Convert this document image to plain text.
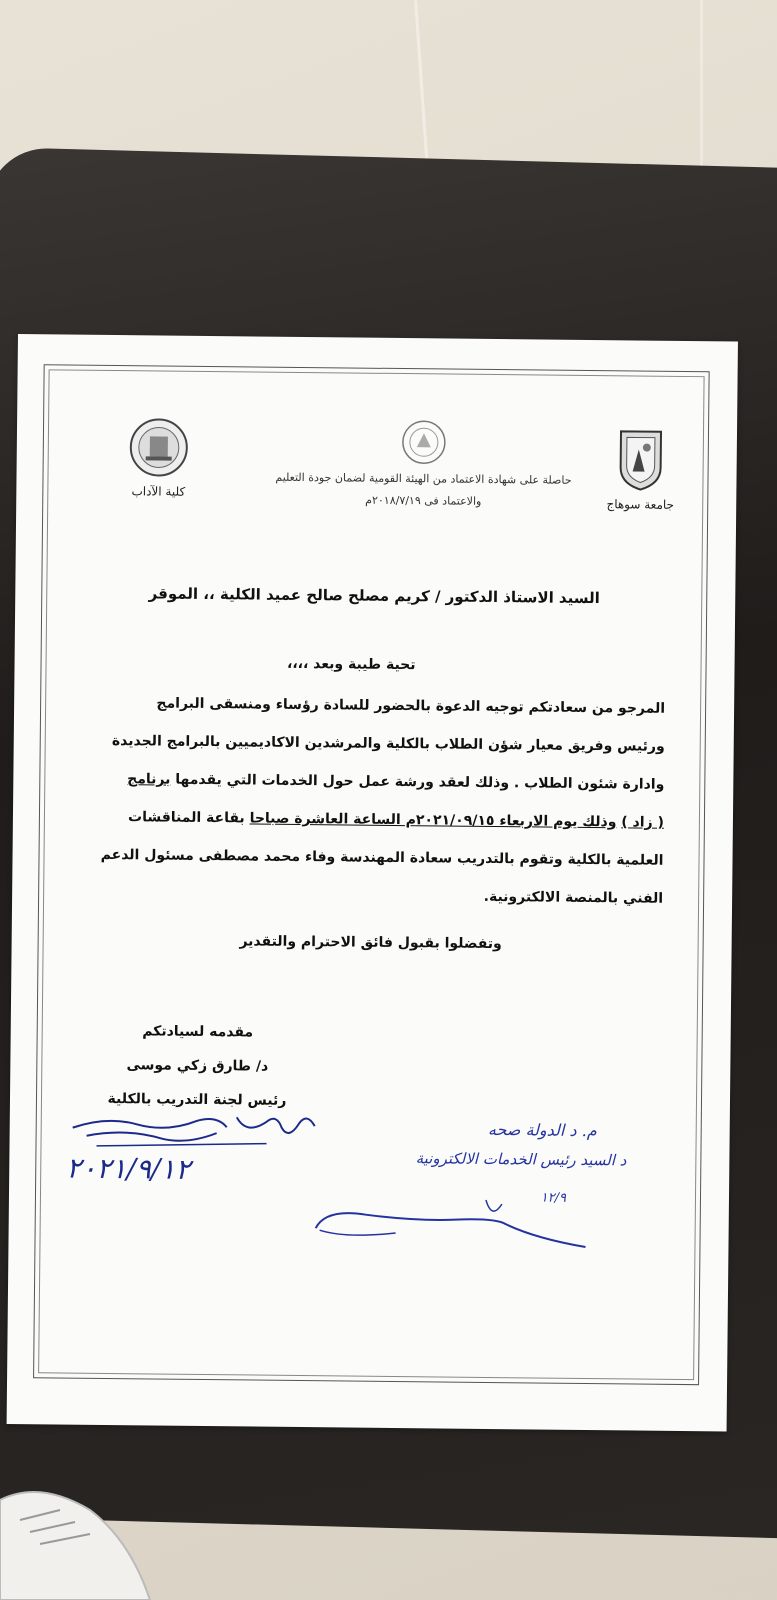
جامعة سوهاج
حاصلة على شهادة الاعتماد من الهيئة القومية لضمان جودة التعليم
والاعتماد فى ٢٠١٨/٧/١٩م
كلية الآداب
السيد الاستاذ الدكتور / كريم مصلح صالح عميد الكلية ،، الموقر
تحية طيبة وبعد ،،،،
المرجو من سعادتكم توجيه الدعوة بالحضور للسادة رؤساء ومنسقى البرامج
ورئيس وفريق معيار شؤن الطلاب بالكلية والمرشدين الاكاديميين بالبرامج الجديدة
وادارة شئون الطلاب . وذلك لعقد ورشة عمل حول الخدمات التي يقدمها برنامج
( زاد ) وذلك يوم الاربعاء ٢٠٢١/٠٩/١٥م الساعة العاشرة صباحا بقاعة المناقشات
العلمية بالكلية وتقوم بالتدريب سعادة المهندسة وفاء محمد مصطفى مسئول الدعم
الفني بالمنصة الالكترونية.
وتفضلوا بقبول فائق الاحترام والتقدير
مقدمه لسيادتكم
د/ طارق زكي موسى
رئيس لجنة التدريب بالكلية
٢٠٢١/٩/١٢
م. د الدولة صحه
د السيد رئيس الخدمات الالكترونية
١٢/٩
